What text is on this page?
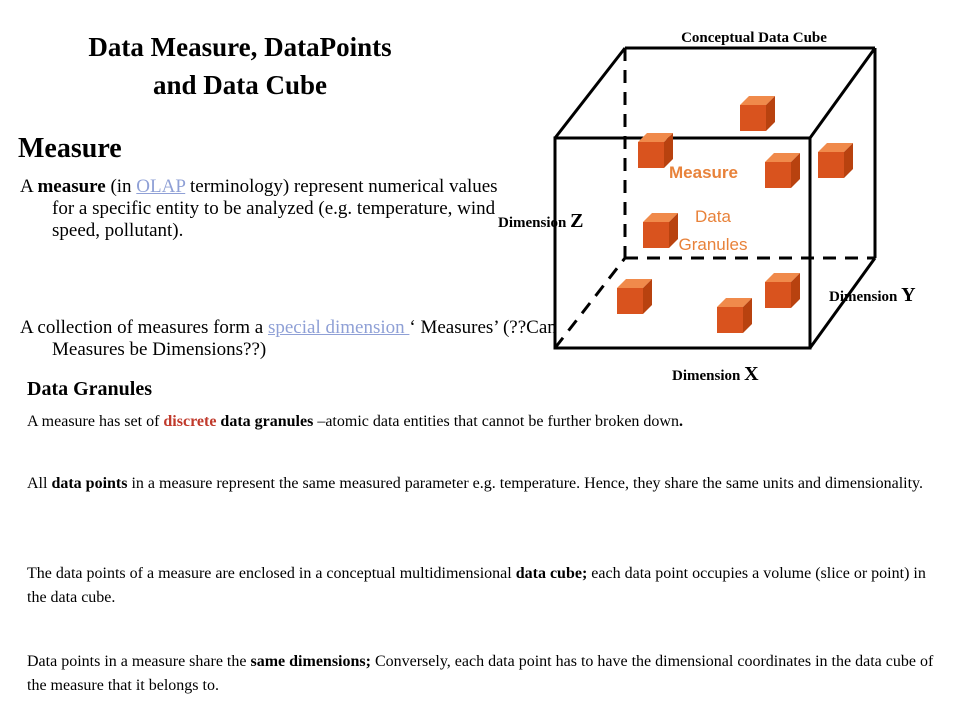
Data Measure, DataPoints
and Data Cube
Measure
A measure (in OLAP terminology) represent numerical values for a specific entity to be analyzed (e.g. temperature, wind speed, pollutant).
A collection of measures form a special dimension ‘ Measures’ (??Can Measures be Dimensions??)
Conceptual Data Cube
Measure
Data
Granules
Dimension Z
Dimension Y
Dimension X
Data Granules
A measure has set of discrete data granules –atomic data entities that cannot be further broken down.
All data points in a measure represent the same measured parameter e.g. temperature. Hence, they share the same units and dimensionality.
The data points of a measure are enclosed in a conceptual multidimensional data cube; each data point occupies a volume (slice or point) in the data cube.
Data points in a measure share the same dimensions; Conversely, each data point has to have the dimensional coordinates in the data cube of the measure that it belongs to.
